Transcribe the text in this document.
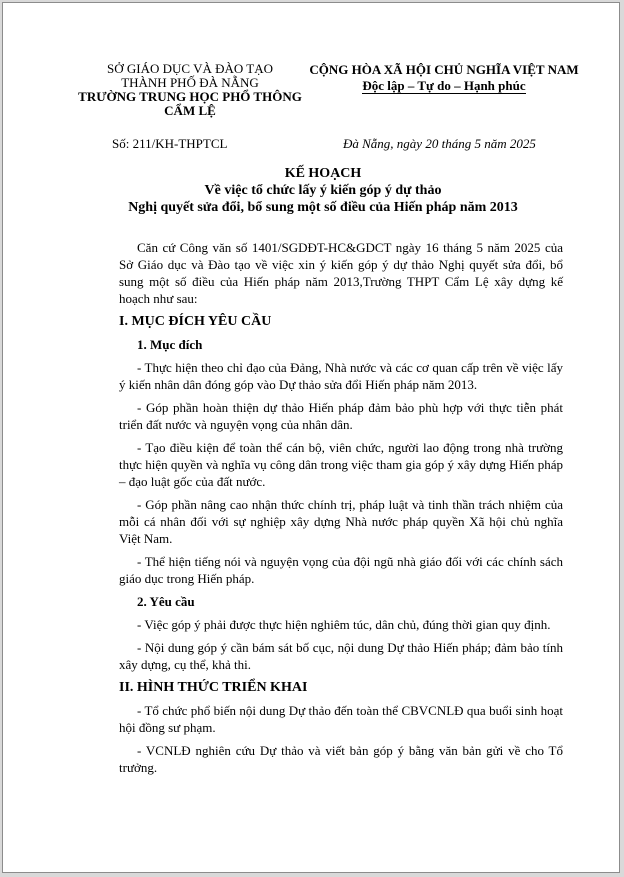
SỞ GIÁO DỤC VÀ ĐÀO TẠO
THÀNH PHỐ ĐÀ NẴNG
TRƯỜNG TRUNG HỌC PHỔ THÔNG
CẨM LỆ
CỘNG HÒA XÃ HỘI CHỦ NGHĨA VIỆT NAM
Độc lập – Tự do – Hạnh phúc
Số: 211/KH-THPTCL	Đà Nẵng, ngày 20 tháng 5 năm 2025
KẾ HOẠCH
Về việc tổ chức lấy ý kiến góp ý dự thảo
Nghị quyết sửa đổi, bổ sung một số điều của Hiến pháp năm 2013

Căn cứ Công văn số 1401/SGDĐT-HC&GDCT ngày 16 tháng 5 năm 2025 của Sở Giáo dục và Đào tạo về việc xin ý kiến góp ý dự thảo Nghị quyết sửa đổi, bổ sung một số điều của Hiến pháp năm 2013,Trường THPT Cẩm Lệ xây dựng kế hoạch như sau:

I. MỤC ĐÍCH YÊU CẦU
1. Mục đích

- Thực hiện theo chỉ đạo của Đảng, Nhà nước và các cơ quan cấp trên về việc lấy ý kiến nhân dân đóng góp vào Dự thảo sửa đổi Hiến pháp năm 2013.

- Góp phần hoàn thiện dự thảo Hiến pháp đảm bảo phù hợp với thực tiễn phát triển đất nước và nguyện vọng của nhân dân.

- Tạo điều kiện để toàn thể cán bộ, viên chức, người lao động trong nhà trường thực hiện quyền và nghĩa vụ công dân trong việc tham gia góp ý xây dựng Hiến pháp – đạo luật gốc của đất nước.

- Góp phần nâng cao nhận thức chính trị, pháp luật và tinh thần trách nhiệm của mỗi cá nhân đối với sự nghiệp xây dựng Nhà nước pháp quyền Xã hội chủ nghĩa Việt Nam.

- Thể hiện tiếng nói và nguyện vọng của đội ngũ nhà giáo đối với các chính sách giáo dục trong Hiến pháp.

2. Yêu cầu

- Việc góp ý phải được thực hiện nghiêm túc, dân chủ, đúng thời gian quy định.

- Nội dung góp ý cần bám sát bố cục, nội dung Dự thảo Hiến pháp; đảm bảo tính xây dựng, cụ thể, khả thi.

II. HÌNH THỨC TRIỂN KHAI

- Tổ chức phổ biến nội dung Dự thảo đến toàn thể CBVCNLĐ qua buổi sinh hoạt hội đồng sư phạm.

- VCNLĐ nghiên cứu Dự thảo và viết bản góp ý bằng văn bản gửi về cho Tổ trưởng.
